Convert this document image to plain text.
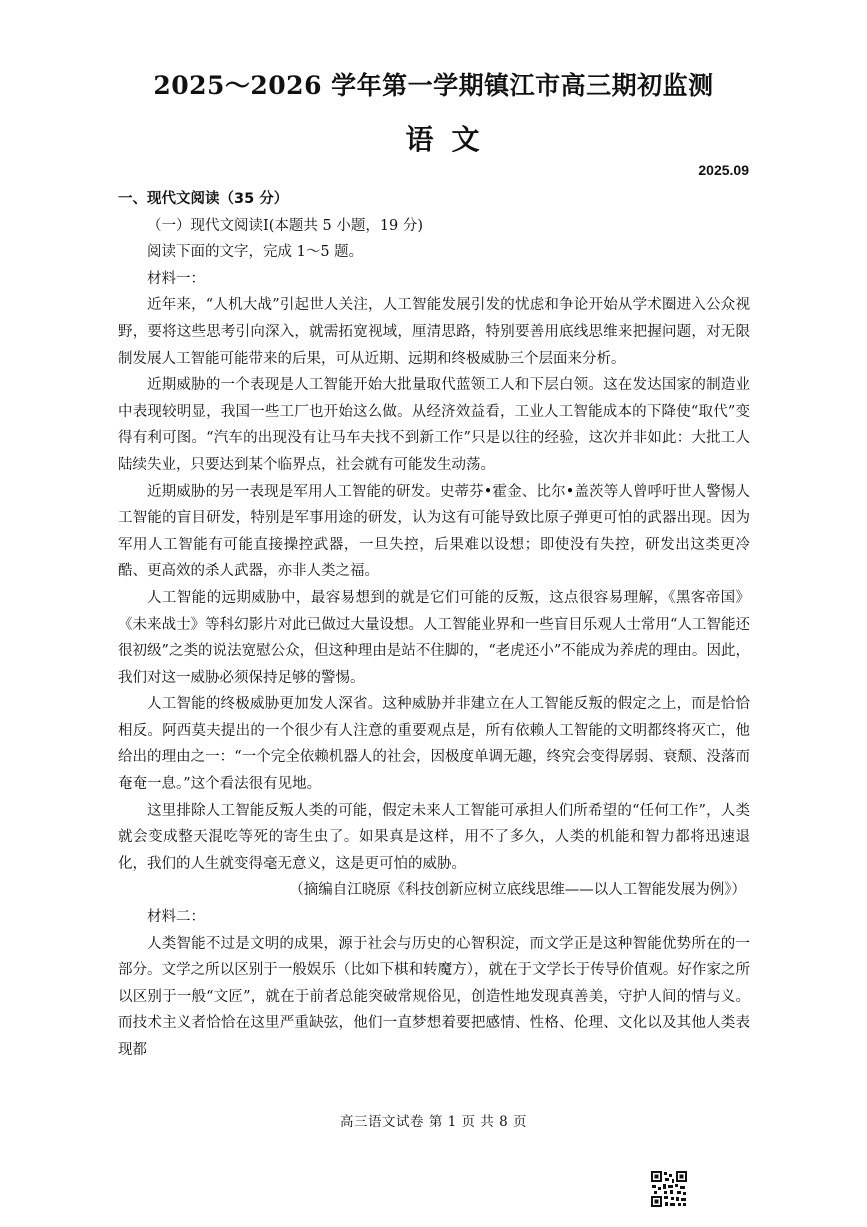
2025～2026 学年第一学期镇江市高三期初监测
语文
2025.09

一、现代文阅读（35 分）

（一）现代文阅读Ⅰ(本题共 5 小题，19 分)

阅读下面的文字，完成 1～5 题。

材料一：

近年来，“人机大战”引起世人关注，人工智能发展引发的忧虑和争论开始从学术圈进入公众视野，要将这些思考引向深入，就需拓宽视域，厘清思路，特别要善用底线思维来把握问题，对无限制发展人工智能可能带来的后果，可从近期、远期和终极威胁三个层面来分析。

近期威胁的一个表现是人工智能开始大批量取代蓝领工人和下层白领。这在发达国家的制造业中表现较明显，我国一些工厂也开始这么做。从经济效益看，工业人工智能成本的下降使“取代”变得有利可图。“汽车的出现没有让马车夫找不到新工作”只是以往的经验，这次并非如此：大批工人陆续失业，只要达到某个临界点，社会就有可能发生动荡。

近期威胁的另一表现是军用人工智能的研发。史蒂芬•霍金、比尔•盖茨等人曾呼吁世人警惕人工智能的盲目研发，特别是军事用途的研发，认为这有可能导致比原子弹更可怕的武器出现。因为军用人工智能有可能直接操控武器，一旦失控，后果难以设想；即使没有失控，研发出这类更冷酷、更高效的杀人武器，亦非人类之福。

人工智能的远期威胁中，最容易想到的就是它们可能的反叛，这点很容易理解，《黑客帝国》《未来战士》等科幻影片对此已做过大量设想。人工智能业界和一些盲目乐观人士常用“人工智能还很初级”之类的说法宽慰公众，但这种理由是站不住脚的，“老虎还小”不能成为养虎的理由。因此，我们对这一威胁必须保持足够的警惕。

人工智能的终极威胁更加发人深省。这种威胁并非建立在人工智能反叛的假定之上，而是恰恰相反。阿西莫夫提出的一个很少有人注意的重要观点是，所有依赖人工智能的文明都终将灭亡，他给出的理由之一：“一个完全依赖机器人的社会，因极度单调无趣，终究会变得孱弱、衰颓、没落而奄奄一息。”这个看法很有见地。

这里排除人工智能反叛人类的可能，假定未来人工智能可承担人们所希望的“任何工作”，人类就会变成整天混吃等死的寄生虫了。如果真是这样，用不了多久，人类的机能和智力都将迅速退化，我们的人生就变得毫无意义，这是更可怕的威胁。

（摘编自江晓原《科技创新应树立底线思维——以人工智能发展为例》）

材料二：

人类智能不过是文明的成果，源于社会与历史的心智积淀，而文学正是这种智能优势所在的一部分。文学之所以区别于一般娱乐（比如下棋和转魔方），就在于文学长于传导价值观。好作家之所以区别于一般“文匠”，就在于前者总能突破常规俗见，创造性地发现真善美，守护人间的情与义。而技术主义者恰恰在这里严重缺弦，他们一直梦想着要把感情、性格、伦理、文化以及其他人类表现都

高三语文试卷 第 1 页 共 8 页
